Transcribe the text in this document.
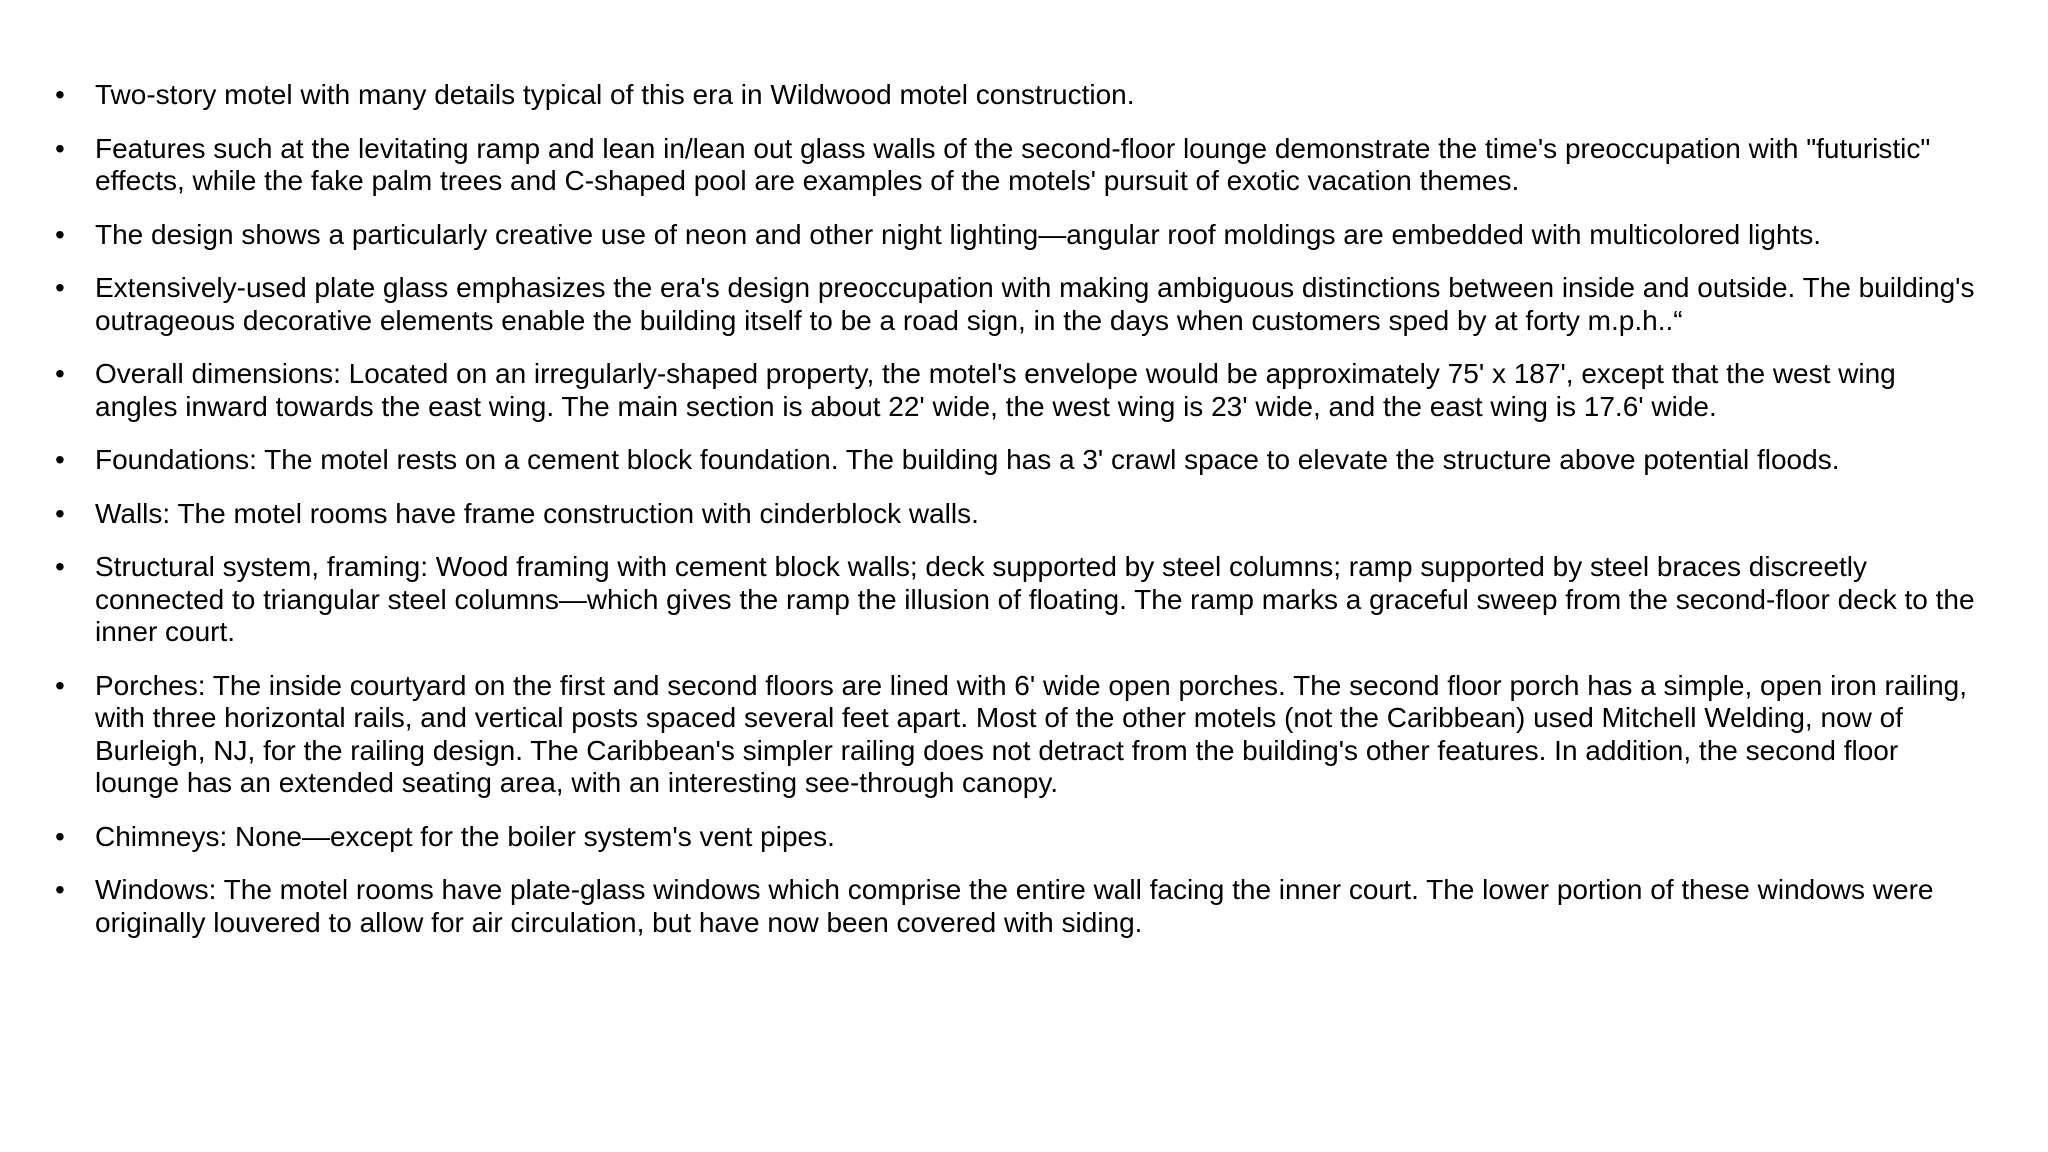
•	Two-story motel with many details typical of this era in Wildwood motel construction.
•	Features such at the levitating ramp and lean in/lean out glass walls of the second-floor lounge demonstrate the time's preoccupation with "futuristic" effects, while the fake palm trees and C-shaped pool are examples of the motels' pursuit of exotic vacation themes.
•	The design shows a particularly creative use of neon and other night lighting—angular roof moldings are embedded with multicolored lights.
•	Extensively-used plate glass emphasizes the era's design preoccupation with making ambiguous distinctions between inside and outside. The building's outrageous decorative elements enable the building itself to be a road sign, in the days when customers sped by at forty m.p.h..“
•	Overall dimensions: Located on an irregularly-shaped property, the motel's envelope would be approximately 75' x 187', except that the west wing angles inward towards the east wing. The main section is about 22' wide, the west wing is 23' wide, and the east wing is 17.6' wide.
•	Foundations: The motel rests on a cement block foundation. The building has a 3' crawl space to elevate the structure above potential floods.
•	Walls: The motel rooms have frame construction with cinderblock walls.
•	Structural system, framing: Wood framing with cement block walls; deck supported by steel columns; ramp supported by steel braces discreetly connected to triangular steel columns—which gives the ramp the illusion of floating. The ramp marks a graceful sweep from the second-floor deck to the inner court.
•	Porches: The inside courtyard on the first and second floors are lined with 6' wide open porches. The second floor porch has a simple, open iron railing, with three horizontal rails, and vertical posts spaced several feet apart. Most of the other motels (not the Caribbean) used Mitchell Welding, now of Burleigh, NJ, for the railing design. The Caribbean's simpler railing does not detract from the building's other features. In addition, the second floor lounge has an extended seating area, with an interesting see-through canopy.
•	Chimneys: None—except for the boiler system's vent pipes.
•	Windows: The motel rooms have plate-glass windows which comprise the entire wall facing the inner court. The lower portion of these windows were originally louvered to allow for air circulation, but have now been covered with siding.
